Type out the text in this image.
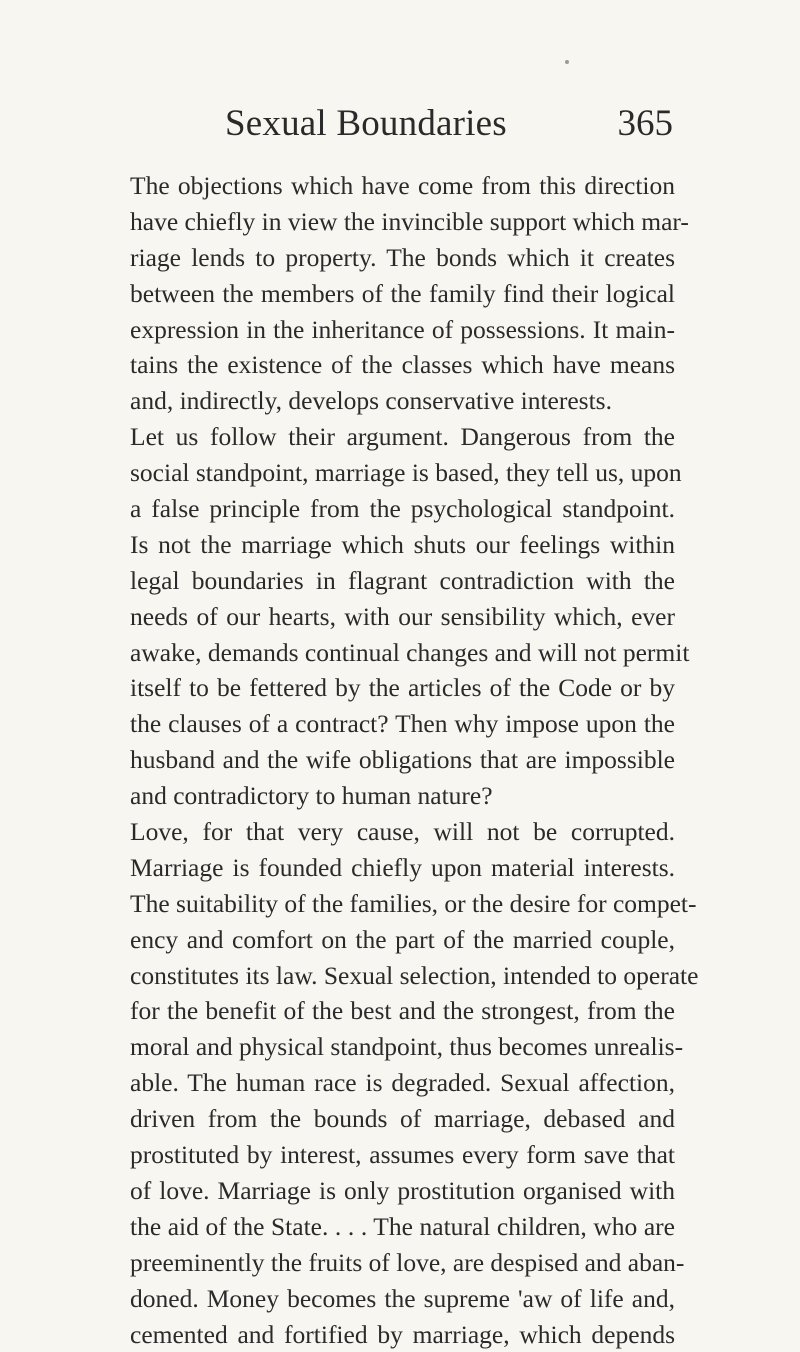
Sexual Boundaries	365
The objections which have come from this direction
have chiefly in view the invincible support which mar-
riage lends to property. The bonds which it creates
between the members of the family find their logical
expression in the inheritance of possessions. It main-
tains the existence of the classes which have means
and, indirectly, develops conservative interests.
Let us follow their argument. Dangerous from the
social standpoint, marriage is based, they tell us, upon
a false principle from the psychological standpoint.
Is not the marriage which shuts our feelings within
legal boundaries in flagrant contradiction with the
needs of our hearts, with our sensibility which, ever
awake, demands continual changes and will not permit
itself to be fettered by the articles of the Code or by
the clauses of a contract? Then why impose upon the
husband and the wife obligations that are impossible
and contradictory to human nature?
Love, for that very cause, will not be corrupted.
Marriage is founded chiefly upon material interests.
The suitability of the families, or the desire for compet-
ency and comfort on the part of the married couple,
constitutes its law. Sexual selection, intended to operate
for the benefit of the best and the strongest, from the
moral and physical standpoint, thus becomes unrealis-
able. The human race is degraded. Sexual affection,
driven from the bounds of marriage, debased and
prostituted by interest, assumes every form save that
of love. Marriage is only prostitution organised with
the aid of the State. . . . The natural children, who are
preeminently the fruits of love, are despised and aban-
doned. Money becomes the supreme 'aw of life and,
cemented and fortified by marriage, which depends
